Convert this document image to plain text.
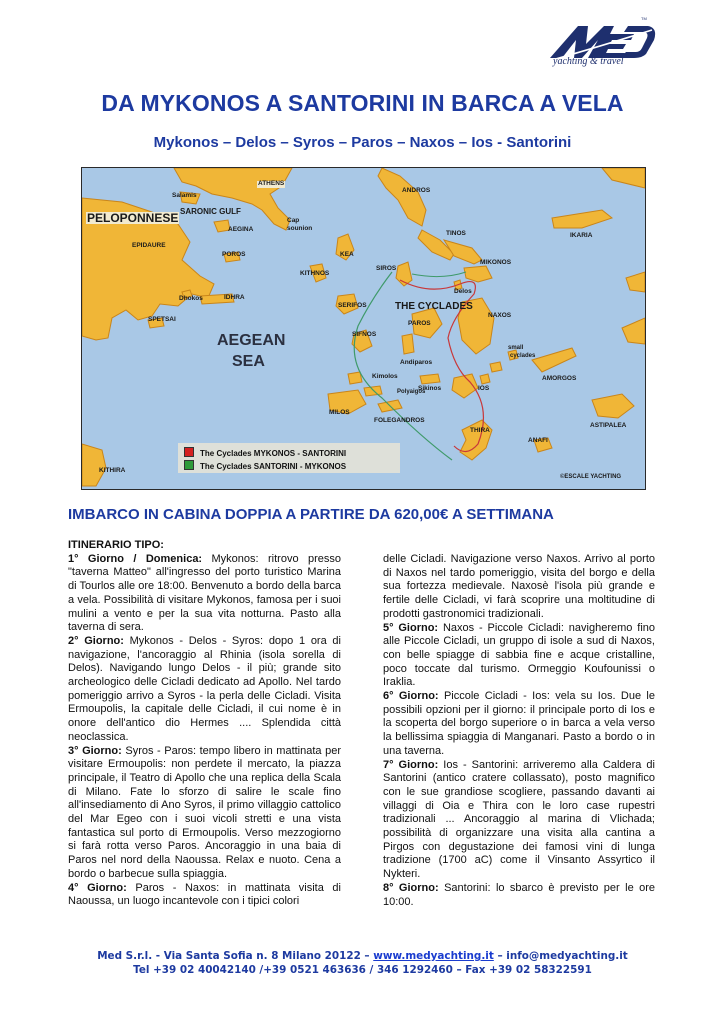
TM
yachting & travel
DA MYKONOS A SANTORINI IN BARCA A VELA
Mykonos – Delos – Syros – Paros – Naxos – Ios - Santorini
ATHENS
Salamis
SARONIC GULF
AEGINA
Cap
sounion
PELOPONNESE
EPIDAURE
POROS	KEA
KITHNOS
Dhokos	IDHRA
SPETSAI
SERIFOS
SIFNOS
AEGEAN
SEA
Kimolos
Polyaigos
MILOS
FOLEGANDROS
KITHIRA
ANDROS
TINOS
SIROS
MIKONOS
Delos
IKARIA
THE CYCLADES
PAROS
NAXOS
Andiparos
small
cyclades
AMORGOS
Sikinos	IOS
THIRA
ANAFI
ASTIPALEA
©ESCALE YACHTING
The Cyclades MYKONOS - SANTORINI
The Cyclades SANTORINI - MYKONOS
IMBARCO IN CABINA DOPPIA A PARTIRE DA 620,00€ A SETTIMANA

ITINERARIO TIPO:

1° Giorno / Domenica: Mykonos: ritrovo presso "taverna Matteo" all'ingresso del porto turistico Marina di Tourlos alle ore 18:00. Benvenuto a bordo della barca a vela. Possibilità di visitare Mykonos, famosa per i suoi mulini a vento e per la sua vita notturna. Pasto alla taverna di sera.

2° Giorno: Mykonos - Delos - Syros: dopo 1 ora di navigazione, l'ancoraggio al Rhinia (isola sorella di Delos). Navigando lungo Delos - il più; grande sito archeologico delle Cicladi dedicato ad Apollo. Nel tardo pomeriggio arrivo a Syros - la perla delle Cicladi. Visita Ermoupolis, la capitale delle Cicladi, il cui nome è in onore dell'antico dio Hermes .... Splendida città neoclassica.

3° Giorno: Syros - Paros: tempo libero in mattinata per visitare Ermoupolis: non perdete il mercato, la piazza principale, il Teatro di Apollo che una replica della Scala di Milano. Fate lo sforzo di salire le scale fino all'insediamento di Ano Syros, il primo villaggio cattolico del Mar Egeo con i suoi vicoli stretti e una vista fantastica sul porto di Ermoupolis. Verso mezzogiorno si farà rotta verso Paros. Ancoraggio in una baia di Paros nel nord della Naoussa. Relax e nuoto. Cena a bordo o barbecue sulla spiaggia.

4° Giorno: Paros - Naxos: in mattinata visita di Naoussa, un luogo incantevole con i tipici colori

delle Cicladi. Navigazione verso Naxos. Arrivo al porto di Naxos nel tardo pomeriggio, visita del borgo e della sua fortezza medievale. Naxosè l'isola più grande e fertile delle Cicladi, vi farà scoprire una moltitudine di prodotti gastronomici tradizionali.

5° Giorno: Naxos - Piccole Cicladi: navigheremo fino alle Piccole Cicladi, un gruppo di isole a sud di Naxos, con belle spiagge di sabbia fine e acque cristalline, poco toccate dal turismo. Ormeggio Koufounissi o Iraklia.

6° Giorno: Piccole Cicladi - Ios: vela su Ios. Due le possibili opzioni per il giorno: il principale porto di Ios e la scoperta del borgo superiore o in barca a vela verso la bellissima spiaggia di Manganari. Pasto a bordo o in una taverna.

7° Giorno: Ios - Santorini: arriveremo alla Caldera di Santorini (antico cratere collassato), posto magnifico con le sue grandiose scogliere, passando davanti ai villaggi di Oia e Thira con le loro case rupestri tradizionali ... Ancoraggio al marina di Vlichada; possibilità di organizzare una visita alla cantina a Pirgos con degustazione dei famosi vini di lunga tradizione (1700 aC) come il Vinsanto Assyrtico il Nykteri.

8° Giorno: Santorini: lo sbarco è previsto per le ore 10:00.

Med S.r.l. - Via Santa Sofia n. 8 Milano 20122 – www.medyachting.it – info@medyachting.it
Tel +39 02 40042140 /+39 0521 463636 / 346 1292460 – Fax +39 02 58322591
